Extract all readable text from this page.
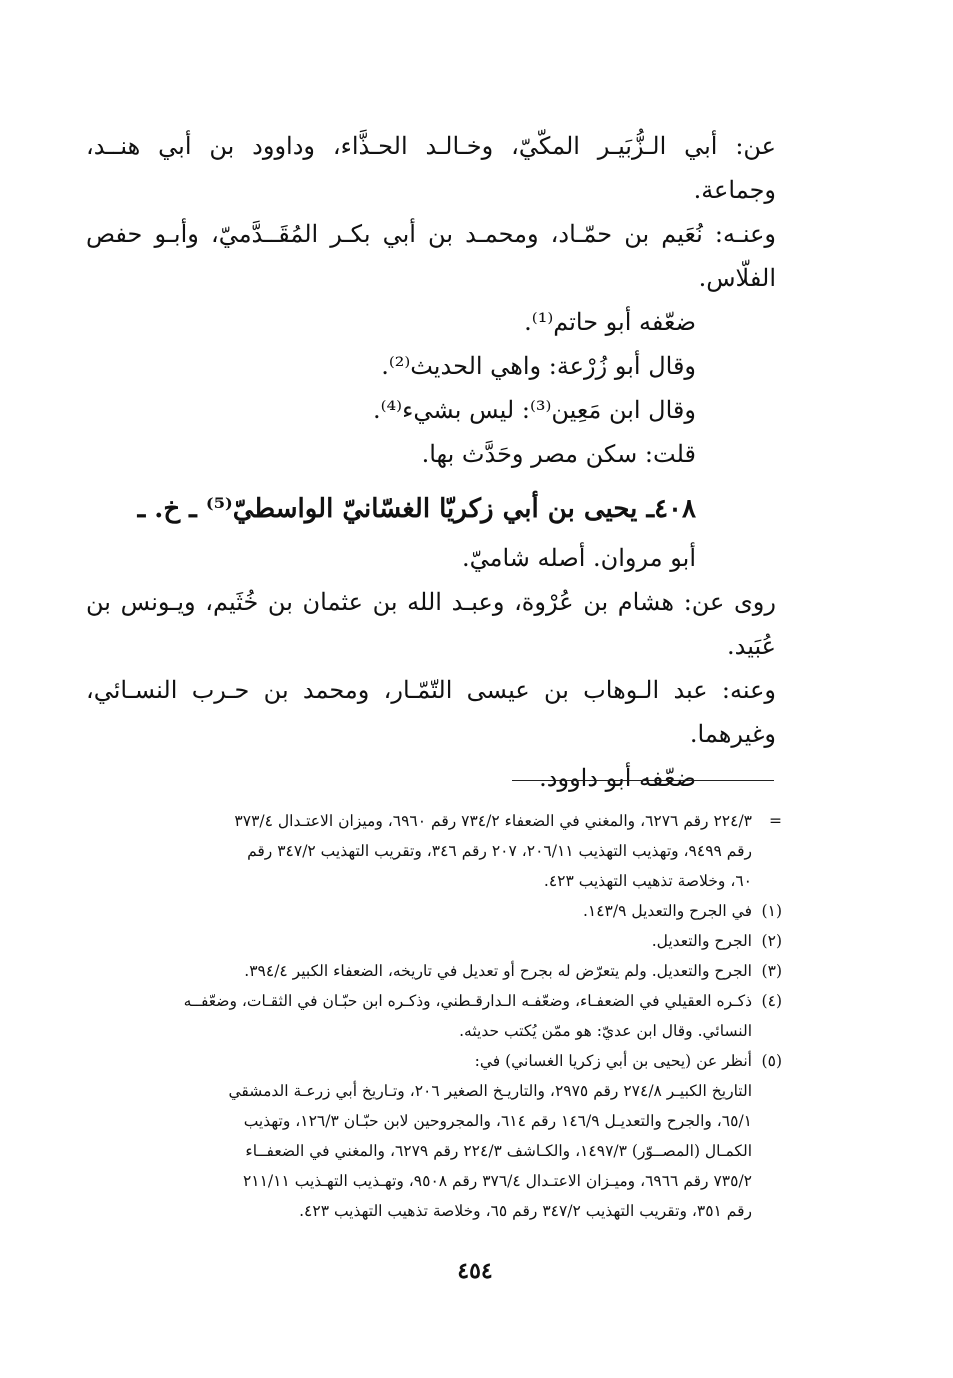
عن: أبي الـزُّبَيـر المكّيّ، وخـالـد الحـذَّاء، وداوود بن أبي هنــد،
وجماعة.
وعنـه: نُعَيم بن حمّـاد، ومحمـد بن أبي بكـر المُقَــدَّميّ، وأبـو حفص
الفلّاس.
ضعّفه أبو حاتم⁽¹⁾.
وقال أبو زُرْعة: واهي الحديث⁽²⁾.
وقال ابن مَعِين⁽³⁾: ليس بشيء⁽⁴⁾.
قلت: سكن مصر وحَدَّث بها.
٤٠٨ـ يحيى بن أبي زكريّا الغسّانيّ الواسطيّ⁽⁵⁾ ـ خ. ـ
أبو مروان. أصله شاميّ.
روى عن: هشام بن عُرْوة، وعبـد الله بن عثمان بن خُثَيم، ويـونس بن
عُبَيد.
وعنه: عبد الـوهاب بن عيسى التّمّـار، ومحمد بن حـرب النسـائي،
وغيرهما.
ضعّفه أبو داوود.
=٢٢٤/٣ رقم ٦٢٧٦، والمغني في الضعفاء ٧٣٤/٢ رقم ٦٩٦٠، وميزان الاعتـدال ٣٧٣/٤
رقم ٩٤٩٩، وتهذيب التهذيب ٢٠٦/١١، ٢٠٧ رقم ٣٤٦، وتقريب التهذيب ٣٤٧/٢ رقم
٦٠، وخلاصة تذهيب التهذيب ٤٢٣.
(١)في الجرح والتعديل ١٤٣/٩.
(٢)الجرح والتعديل.
(٣)الجرح والتعديل. ولم يتعرّض له بجرح أو تعديل في تاريخه، الضعفاء الكبير ٣٩٤/٤.
(٤)ذكـره العقيلي في الضعفـاء، وضعّفـه الـدارقـطني، وذكـره ابن حبّـان في الثقـات، وضعّفــه
النسائي. وقال ابن عديّ: هو ممّن يُكتب حديثه.
(٥)أنظر عن (يحيى بن أبي زكريا الغساني) في:
التاريخ الكبيـر ٢٧٤/٨ رقم ٢٩٧٥، والتاريـخ الصغير ٢٠٦، وتـاريخ أبي زرعـة الدمشقي
٦٥/١، والجرح والتعديـل ١٤٦/٩ رقم ٦١٤، والمجروحين لابن حبّـان ١٢٦/٣، وتهذيب
الكمـال (المصــوّر) ١٤٩٧/٣، والكـاشف ٢٢٤/٣ رقم ٦٢٧٩، والمغني في الضعفــاء
٧٣٥/٢ رقم ٦٩٦٦، وميـزان الاعتـدال ٣٧٦/٤ رقم ٩٥٠٨، وتهـذيب التهـذيب ٢١١/١١
رقم ٣٥١، وتقريب التهذيب ٣٤٧/٢ رقم ٦٥، وخلاصة تذهيب التهذيب ٤٢٣.
٤٥٤
